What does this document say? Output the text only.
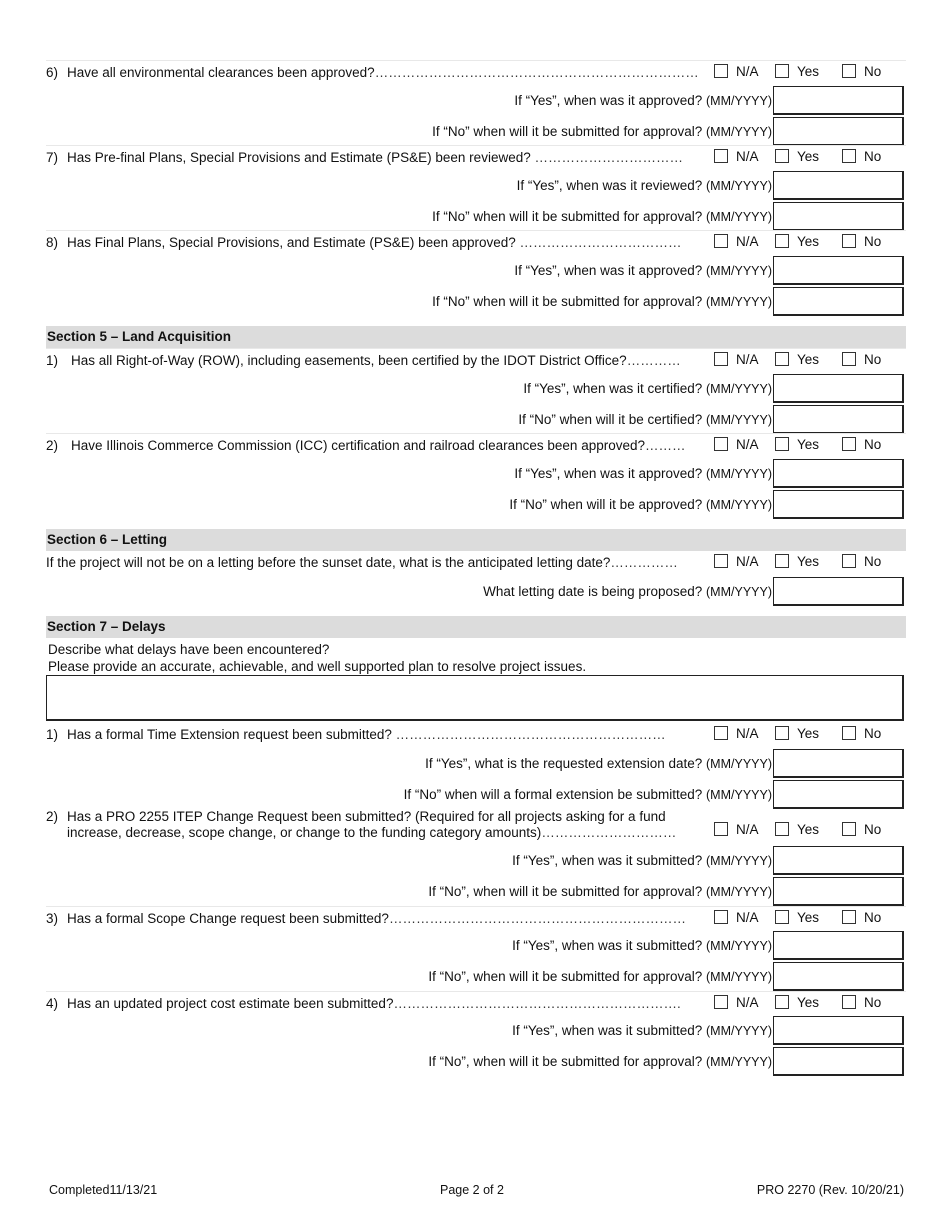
6) Have all environmental clearances been approved?………………………………………………………………	N/A	Yes	No
If “Yes”, when was it approved? (MM/YYYY)
If “No” when will it be submitted for approval? (MM/YYYY)
7) Has Pre-final Plans, Special Provisions and Estimate (PS&E) been reviewed? ……………………………	N/A	Yes	No
If “Yes”, when was it reviewed? (MM/YYYY)
If “No” when will it be submitted for approval? (MM/YYYY)
8) Has Final Plans, Special Provisions, and Estimate (PS&E) been approved? ………………………………	N/A	Yes	No
If “Yes”, when was it approved? (MM/YYYY)
If “No” when will it be submitted for approval? (MM/YYYY)
Section 5 – Land Acquisition
1) Has all Right-of-Way (ROW), including easements, been certified by the IDOT District Office?…………	N/A	Yes	No
If “Yes”, when was it certified? (MM/YYYY)
If “No” when will it be certified? (MM/YYYY)
2) Have Illinois Commerce Commission (ICC) certification and railroad clearances been approved?………	N/A	Yes	No
If “Yes”, when was it approved? (MM/YYYY)
If “No” when will it be approved? (MM/YYYY)
Section 6 – Letting
If the project will not be on a letting before the sunset date, what is the anticipated letting date?……………	N/A	Yes	No
What letting date is being proposed? (MM/YYYY)
Section 7 – Delays
Describe what delays have been encountered?
Please provide an accurate, achievable, and well supported plan to resolve project issues.
1) Has a formal Time Extension request been submitted? ……………………………………………………	N/A	Yes	No
If “Yes”, what is the requested extension date? (MM/YYYY)
If “No” when will a formal extension be submitted? (MM/YYYY)
2) Has a PRO 2255 ITEP Change Request been submitted? (Required for all projects asking for a fund
increase, decrease, scope change, or change to the funding category amounts)…………………………	N/A	Yes	No
If “Yes”, when was it submitted? (MM/YYYY)
If “No”, when will it be submitted for approval? (MM/YYYY)
3) Has a formal Scope Change request been submitted?…………………………………………………………	N/A	Yes	No
If “Yes”, when was it submitted? (MM/YYYY)
If “No”, when will it be submitted for approval? (MM/YYYY)
4) Has an updated project cost estimate been submitted?……………………………………………………….	N/A	Yes	No
If “Yes”, when was it submitted? (MM/YYYY)
If “No”, when will it be submitted for approval? (MM/YYYY)
Completed11/13/21	Page 2 of 2	PRO 2270 (Rev. 10/20/21)
